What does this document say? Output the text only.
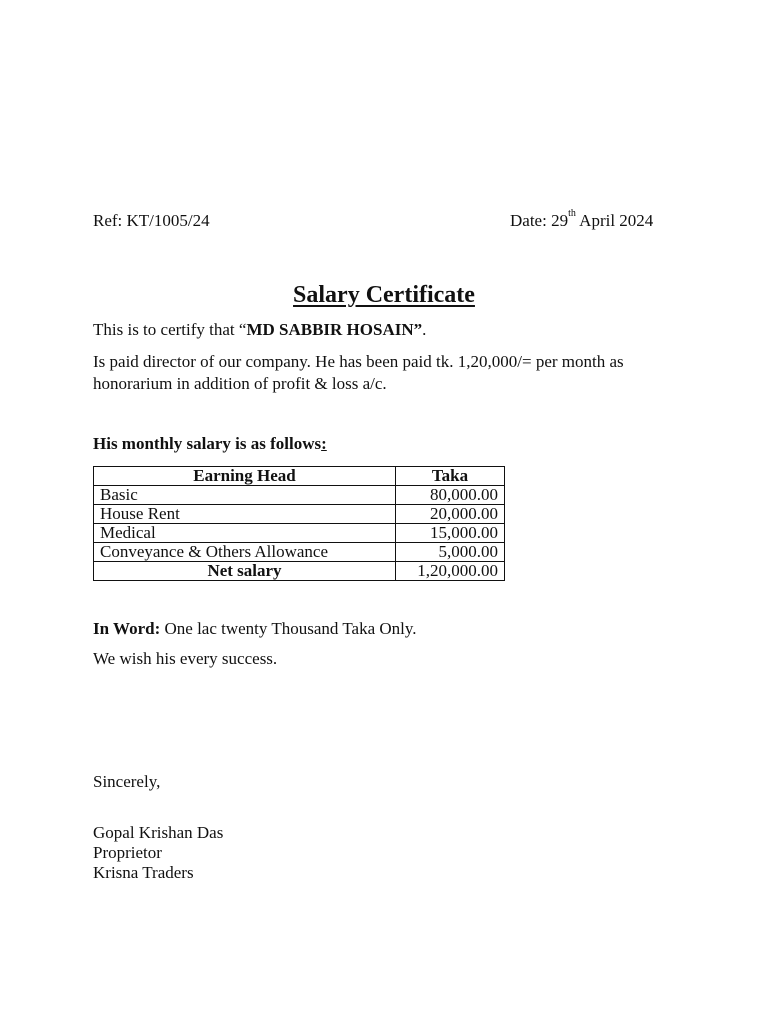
Ref: KT/1005/24	Date: 29th April 2024
Salary Certificate
This is to certify that “MD SABBIR HOSAIN”.
Is paid director of our company. He has been paid tk. 1,20,000/= per month as
honorarium in addition of profit & loss a/c.
His monthly salary is as follows:
Earning Head	Taka
Basic	80,000.00
House Rent	20,000.00
Medical	15,000.00
Conveyance & Others Allowance	5,000.00
Net salary	1,20,000.00
In Word: One lac twenty Thousand Taka Only.
We wish his every success.
Sincerely,
Gopal Krishan Das
Proprietor
Krisna Traders
